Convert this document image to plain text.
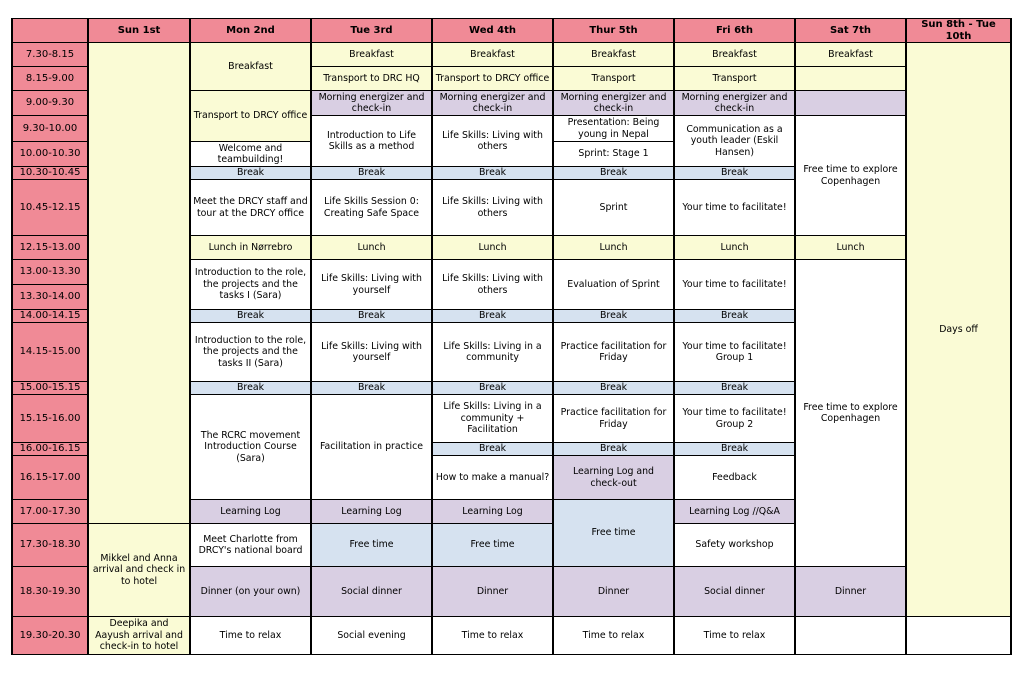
	Sun 1st	Mon 2nd	Tue 3rd	Wed 4th	Thur 5th	Fri 6th	Sat 7th	Sun 8th - Tue 10th
7.30-8.15		Breakfast	Breakfast	Breakfast	Breakfast	Breakfast	Breakfast	Days off
8.15-9.00			Transport to DRC HQ	Transport to DRCY office	Transport	Transport		
9.00-9.30		Transport to DRCY office	Morning energizer and check-in	Morning energizer and check-in	Morning energizer and check-in	Morning energizer and check-in		
9.30-10.00			Introduction to Life Skills as a method	Life Skills: Living with others	Presentation: Being young in Nepal	Communication as a youth leader (Eskil Hansen)	Free time to explore Copenhagen	
10.00-10.30		Welcome and teambuilding!			Sprint: Stage 1			
10.30-10.45		Break	Break	Break	Break	Break		
10.45-12.15		Meet the DRCY staff and tour at the DRCY office	Life Skills Session 0: Creating Safe Space	Life Skills: Living with others	Sprint	Your time to facilitate!		
12.15-13.00		Lunch in Nørrebro	Lunch	Lunch	Lunch	Lunch	Lunch	
13.00-13.30		Introduction to the role, the projects and the tasks I (Sara)	Life Skills: Living with yourself	Life Skills: Living with others	Evaluation of Sprint	Your time to facilitate!	Free time to explore Copenhagen	
13.30-14.00								
14.00-14.15		Break	Break	Break	Break	Break		
14.15-15.00		Introduction to the role, the projects and the tasks II (Sara)	Life Skills: Living with yourself	Life Skills: Living in a community	Practice facilitation for Friday	Your time to facilitate! Group 1		
15.00-15.15		Break	Break	Break	Break	Break		
15.15-16.00		The RCRC movement Introduction Course (Sara)	Facilitation in practice	Life Skills: Living in a community + Facilitation	Practice facilitation for Friday	Your time to facilitate! Group 2		
16.00-16.15				Break	Break	Break		
16.15-17.00				How to make a manual?	Learning Log and check-out	Feedback		
17.00-17.30		Learning Log	Learning Log	Learning Log	Free time	Learning Log //Q&A		
17.30-18.30	Mikkel and Anna arrival and check in to hotel	Meet Charlotte from DRCY's national board	Free time	Free time		Safety workshop		
18.30-19.30		Dinner (on your own)	Social dinner	Dinner	Dinner	Social dinner	Dinner	
19.30-20.30	Deepika and Aayush arrival and check-in to hotel	Time to relax	Social evening	Time to relax	Time to relax	Time to relax		
